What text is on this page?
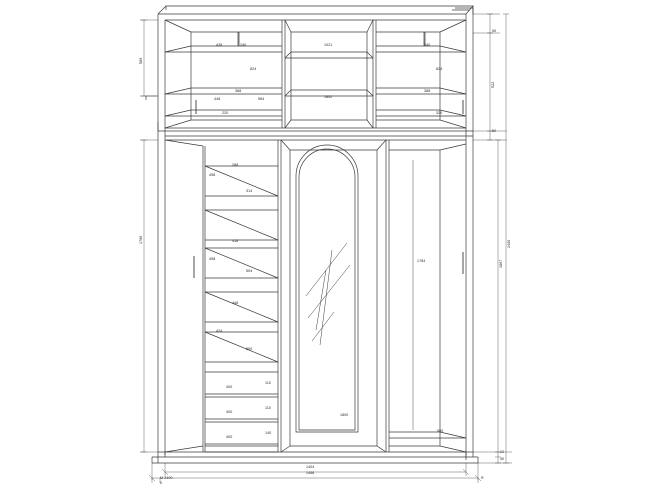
438	240
824
388
448	984
220
1021
1802
240
824
388
320
288
498
314
416
458
504
448
424
500
400
110
400
110
400
140
1800
1784
500
50
522
50
1867
2400
12
40
589
1766
1404
1466
M 2400
0
R
